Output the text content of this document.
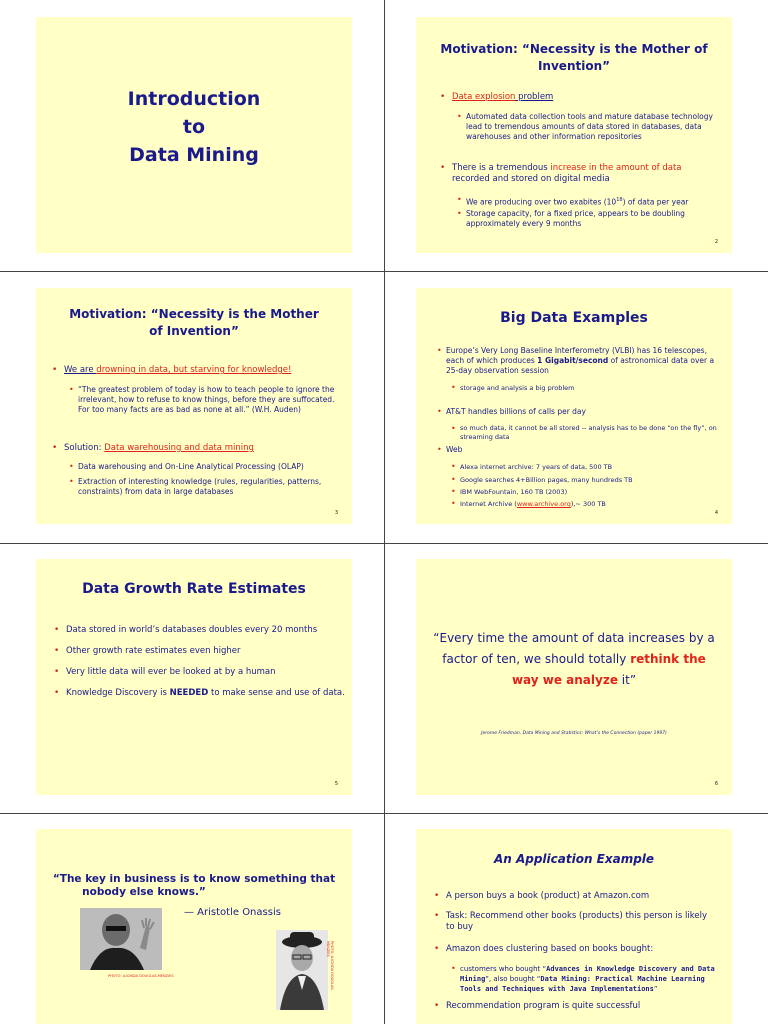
Introduction
to
Data Mining
Motivation: “Necessity is the Mother of Invention”
• Data explosion problem
• Automated data collection tools and mature database technology lead to tremendous amounts of data stored in databases, data warehouses and other information repositories
• There is a tremendous increase in the amount of data recorded and stored on digital media
• We are producing over two exabites $(10^{18})$ of data per year
• Storage capacity, for a fixed price, appears to be doubling approximately every 9 months
2
Motivation: “Necessity is the Mother of Invention”
• We are drowning in data, but starving for knowledge!
• “The greatest problem of today is how to teach people to ignore the irrelevant, how to refuse to know things, before they are suffocated. For too many facts are as bad as none at all.” (W.H. Auden)
• Solution: Data warehousing and data mining
• Data warehousing and On-Line Analytical Processing (OLAP)
• Extraction of interesting knowledge (rules, regularities, patterns, constraints) from data in large databases
3
Big Data Examples
• Europe’s Very Long Baseline Interferometry (VLBI) has 16 telescopes, each of which produces 1 Gigabit/second of astronomical data over a 25-day observation session
• storage and analysis a big problem
• AT&T handles billions of calls per day
• so much data, it cannot be all stored -- analysis has to be done “on the fly”, on streaming data
• Web
• Alexa internet archive: 7 years of data, 500 TB
• Google searches 4+Billion pages, many hundreds TB
• IBM WebFountain, 160 TB (2003)
• Internet Archive (www.archive.org),~ 300 TB
4
Data Growth Rate Estimates
• Data stored in world’s databases doubles every 20 months
• Other growth rate estimates even higher
• Very little data will ever be looked at by a human
• Knowledge Discovery is NEEDED to make sense and use of data.
5
“Every time the amount of data increases by a
factor of ten, we should totally rethink the
way we analyze it”
Jerome Friedman, Data Mining and Statistics: What’s the Connection (paper 1997)
6
“The key in business is to know something that
nobody else knows.”
— Aristotle Onassis
PHOTO: LUCINDA DOUGLAS-MENZIES	PHOTO: LUCINDA DOUGLAS-MENZIES
An Application Example
• A person buys a book (product) at Amazon.com
• Task: Recommend other books (products) this person is likely to buy
• Amazon does clustering based on books bought:
• customers who bought “Advances in Knowledge Discovery and Data Mining”, also bought “Data Mining: Practical Machine Learning Tools and Techniques with Java Implementations”
• Recommendation program is quite successful
